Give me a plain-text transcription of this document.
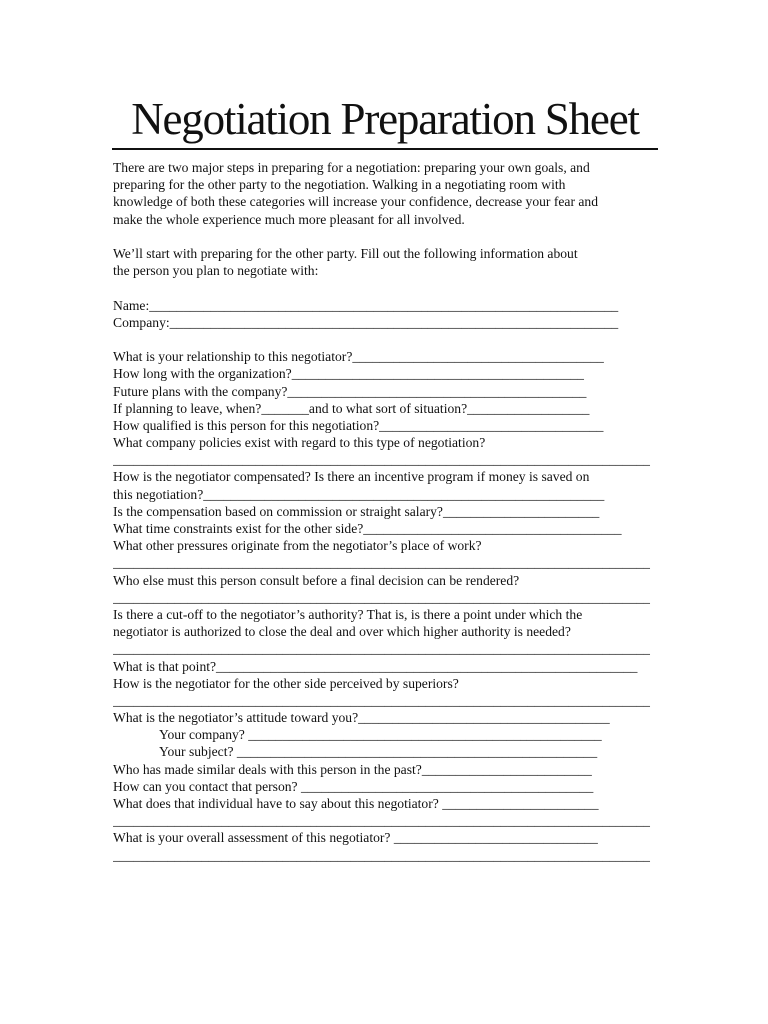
Negotiation Preparation Sheet
There are two major steps in preparing for a negotiation: preparing your own goals, and
preparing for the other party to the negotiation. Walking in a negotiating room with
knowledge of both these categories will increase your confidence, decrease your fear and
make the whole experience much more pleasant for all involved.
We’ll start with preparing for the other party. Fill out the following information about
the person you plan to negotiate with:
Name:_____________________________________________________________________
Company:__________________________________________________________________
What is your relationship to this negotiator?_____________________________________
How long with the organization?___________________________________________
Future plans with the company?____________________________________________
If planning to leave, when?_______and to what sort of situation?__________________
How qualified is this person for this negotiation?_________________________________
What company policies exist with regard to this type of negotiation?
_______________________________________________________________________________
How is the negotiator compensated? Is there an incentive program if money is saved on
this negotiation?___________________________________________________________
Is the compensation based on commission or straight salary?_______________________
What time constraints exist for the other side?______________________________________
What other pressures originate from the negotiator’s place of work?
_______________________________________________________________________________
Who else must this person consult before a final decision can be rendered?
_______________________________________________________________________________
Is there a cut-off to the negotiator’s authority? That is, is there a point under which the
negotiator is authorized to close the deal and over which higher authority is needed?
_______________________________________________________________________________
What is that point?______________________________________________________________
How is the negotiator for the other side perceived by superiors?
_______________________________________________________________________________
What is the negotiator’s attitude toward you?_____________________________________
Your company? ____________________________________________________
Your subject? _____________________________________________________
Who has made similar deals with this person in the past?_________________________
How can you contact that person? ___________________________________________
What does that individual have to say about this negotiator? _______________________
_______________________________________________________________________________
What is your overall assessment of this negotiator? ______________________________
_______________________________________________________________________________
